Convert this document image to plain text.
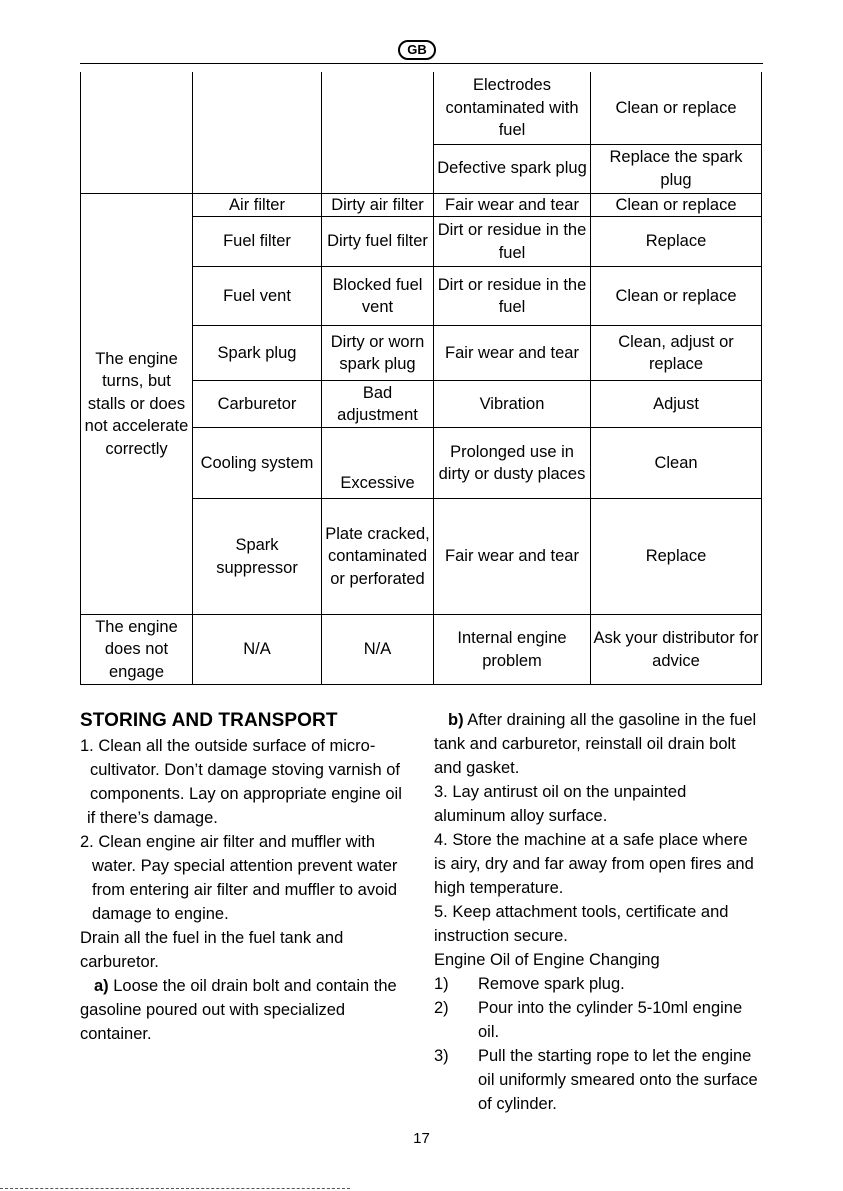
GB
			Electrodes contaminated with fuel	Clean or replace
			Defective spark plug	Replace the spark plug
The engine turns, but stalls or does not accelerate correctly	Air filter	Dirty air filter	Fair wear and tear	Clean or replace
	Fuel filter	Dirty fuel filter	Dirt or residue in the fuel	Replace
	Fuel vent	Blocked fuel vent	Dirt or residue in the fuel	Clean or replace
	Spark plug	Dirty or worn spark plug	Fair wear and tear	Clean, adjust or replace
	Carburetor	Bad adjustment	Vibration	Adjust
	Cooling system	Excessive	Prolonged use in dirty or dusty places	Clean
	Spark suppressor	Plate cracked, contaminated or perforated	Fair wear and tear	Replace
The engine does not engage	N/A	N/A	Internal engine problem	Ask your distributor for advice
STORING AND TRANSPORT

1. Clean all the outside surface of micro-

cultivator. Don’t damage stoving varnish of

components. Lay on appropriate engine oil

if there’s damage.

2. Clean engine air filter and muffler with

water. Pay special attention prevent water

from entering air filter and muffler to avoid

damage to engine.

Drain all the fuel in the fuel tank and carburetor.

a) Loose the oil drain bolt and contain the gasoline poured out with specialized container.

b) After draining all the gasoline in the fuel tank and carburetor, reinstall oil drain bolt and gasket.

3. Lay antirust oil on the unpainted aluminum alloy surface.

4. Store the machine at a safe place where is airy, dry and far away from open fires and high temperature.

5. Keep attachment tools, certificate and instruction secure.

Engine Oil of Engine Changing

1)	Remove spark plug.
2)	Pour into the cylinder 5-10ml engine oil.
3)	Pull the starting rope to let the engine oil uniformly smeared onto the surface of cylinder.
17
